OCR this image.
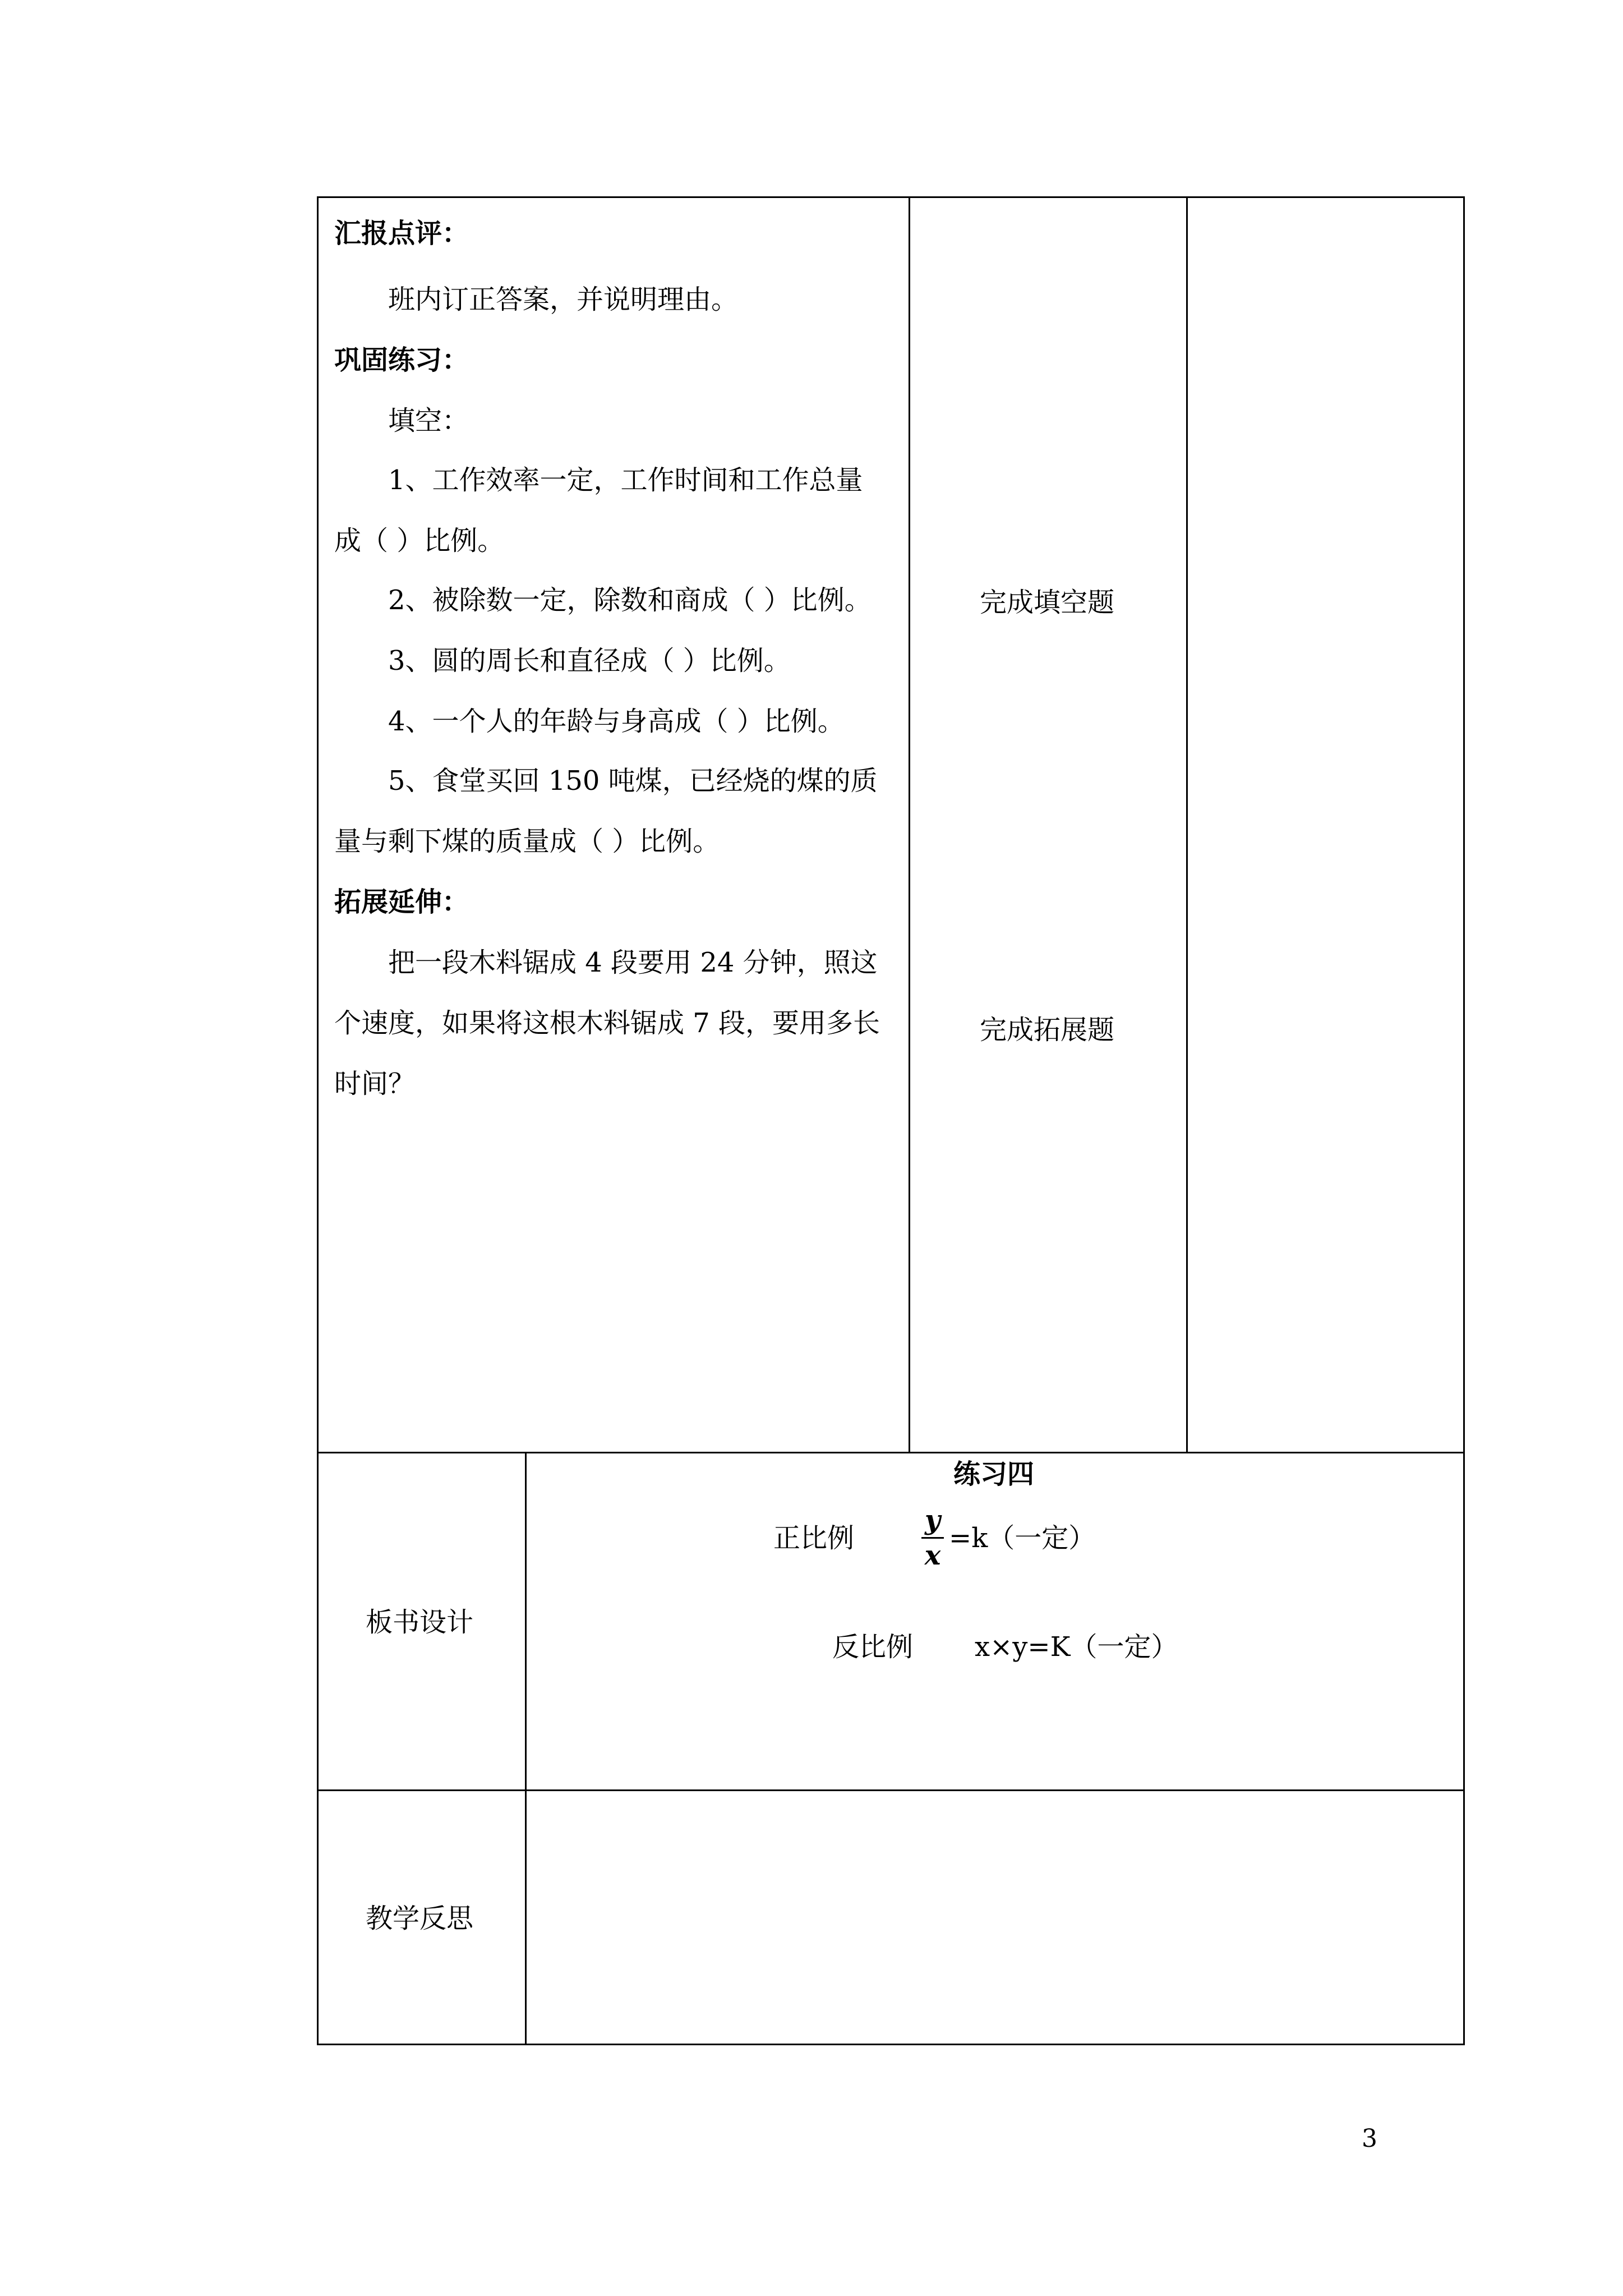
汇报点评：
班内订正答案，并说明理由。
巩固练习：
填空：
1、工作效率一定，工作时间和工作总量
成（ ）比例。
2、被除数一定，除数和商成（ ）比例。
3、圆的周长和直径成（ ）比例。
4、一个人的年龄与身高成（ ）比例。
5、食堂买回 150 吨煤，已经烧的煤的质
量与剩下煤的质量成（ ）比例。
拓展延伸：
把一段木料锯成 4 段要用 24 分钟，照这
个速度，如果将这根木料锯成 7 段，要用多长
时间？
完成填空题
完成拓展题
板书设计
练习四
正比例
y
x
=k（一定）
反比例 x×y=K（一定）
教学反思
3
